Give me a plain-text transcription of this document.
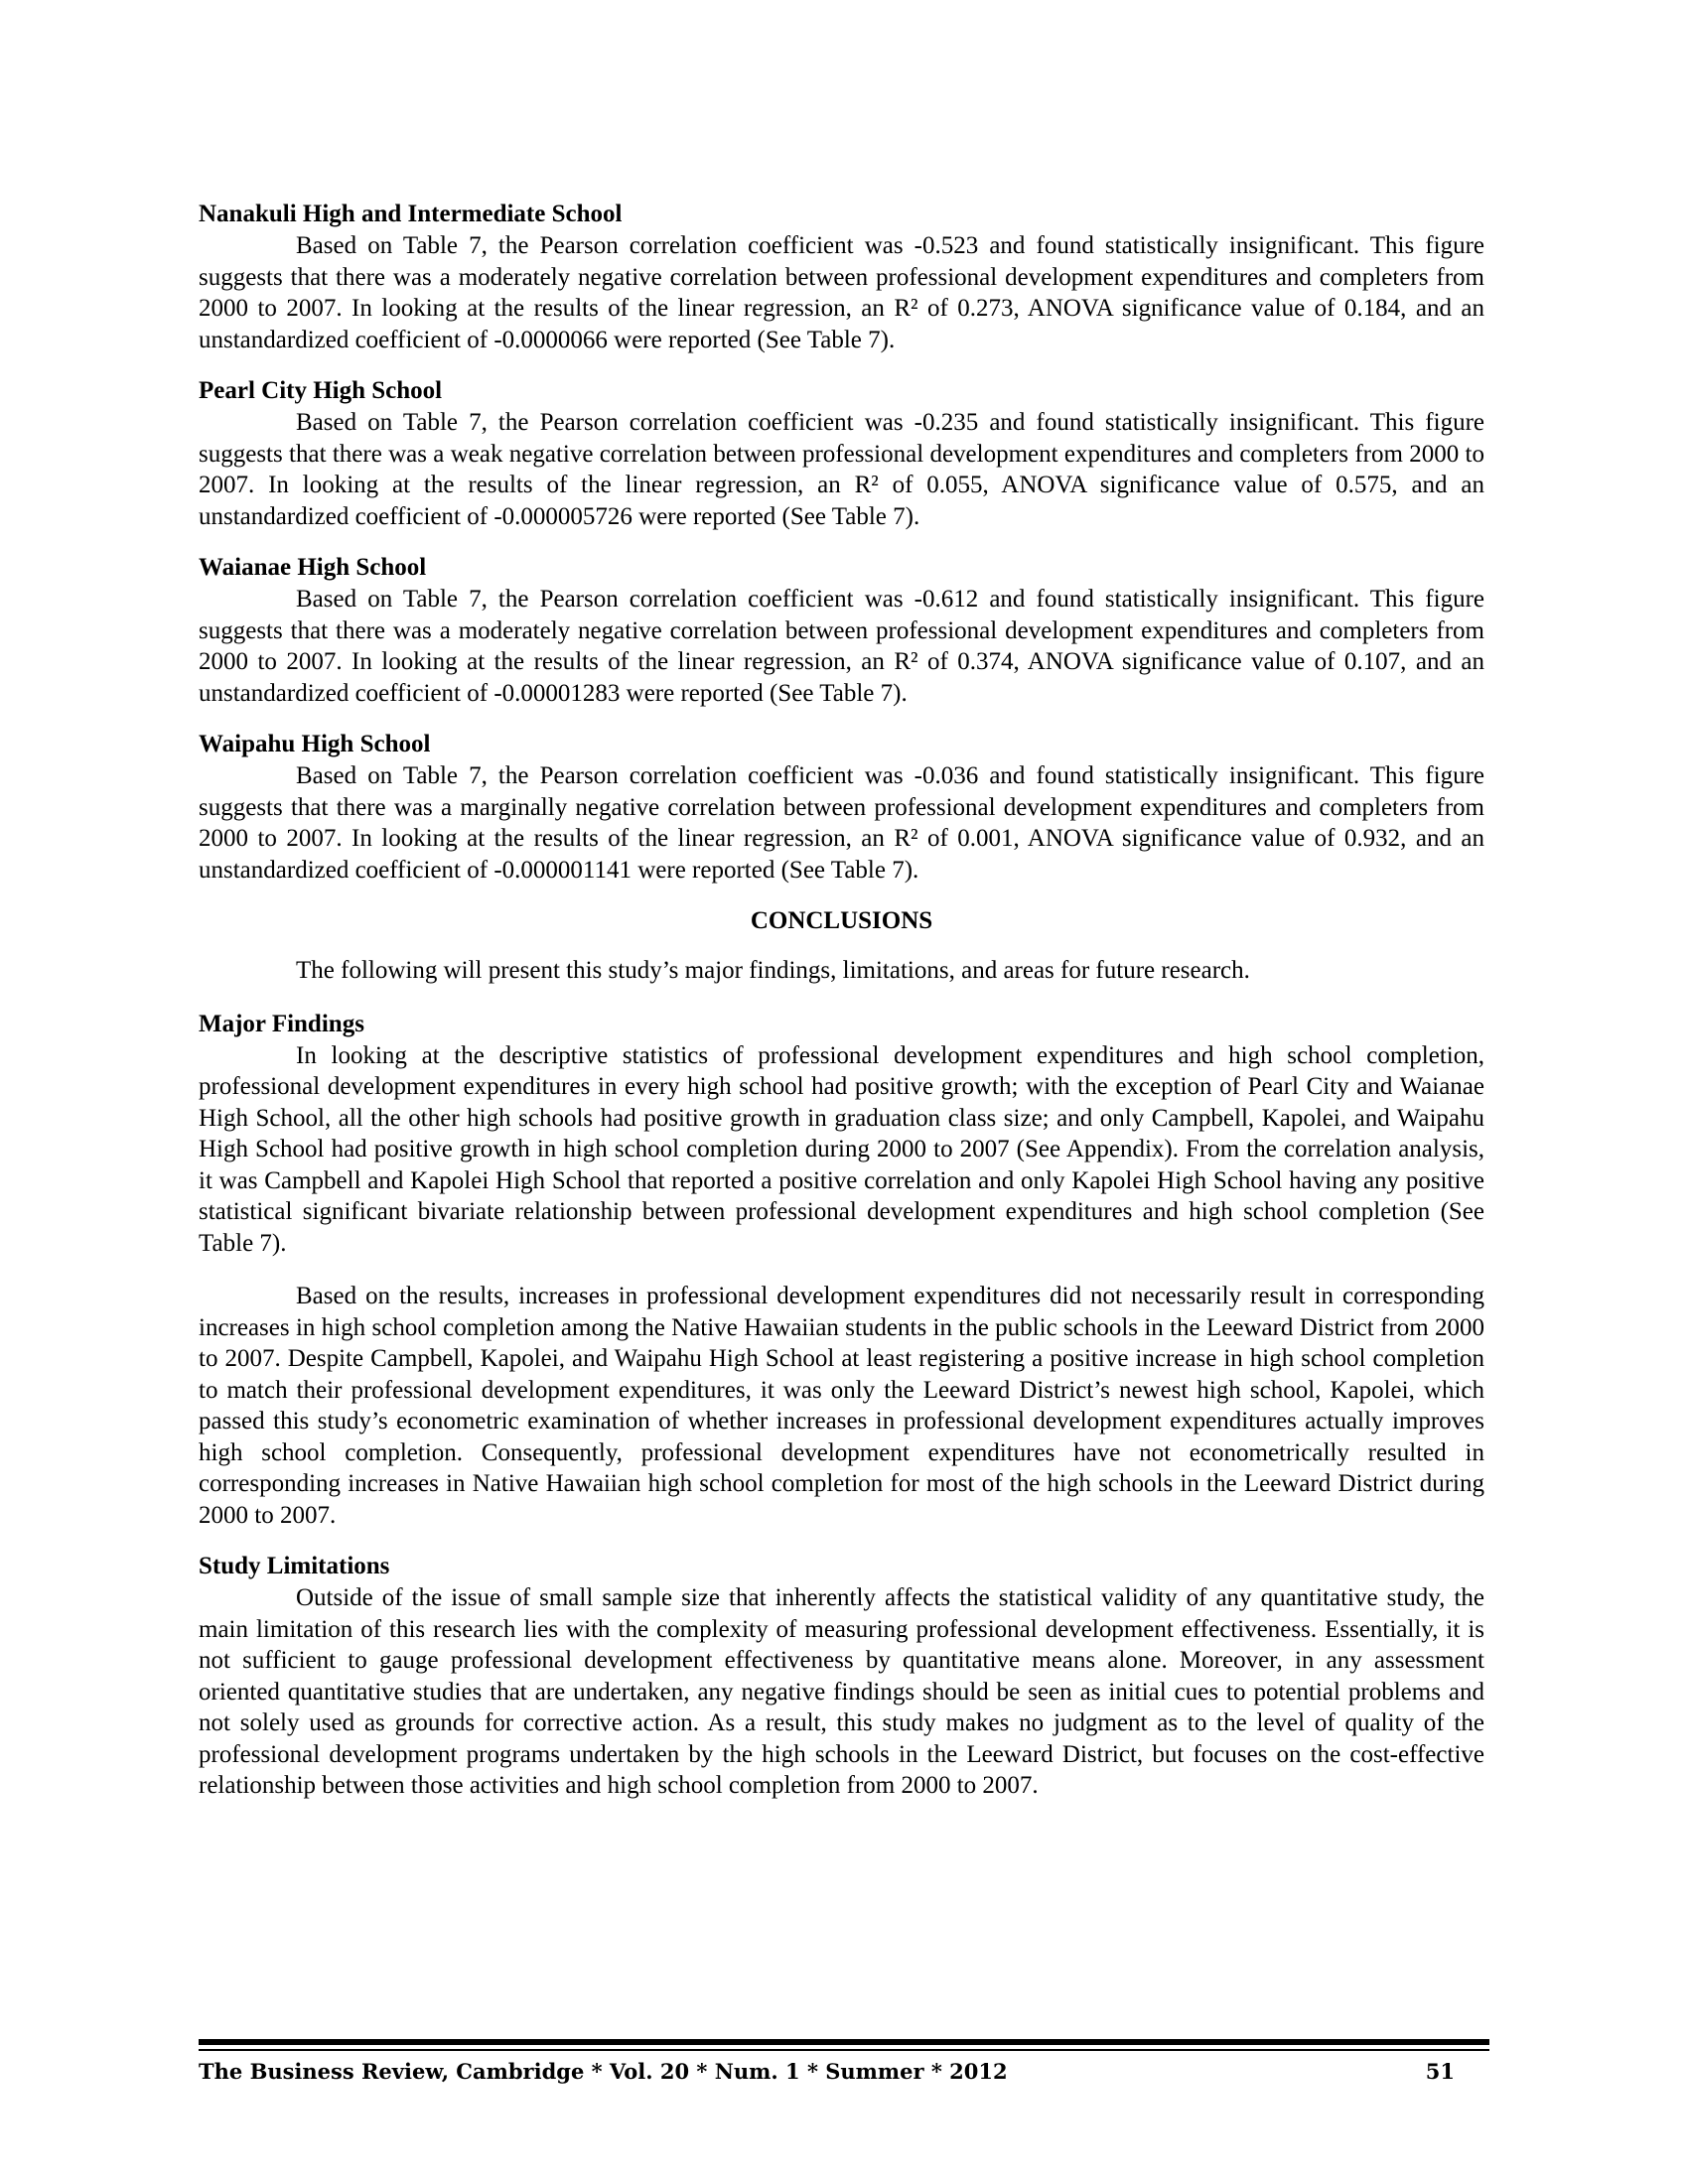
Nanakuli High and Intermediate School

Based on Table 7, the Pearson correlation coefficient was -0.523 and found statistically insignificant. This figure suggests that there was a moderately negative correlation between professional development expenditures and completers from 2000 to 2007. In looking at the results of the linear regression, an R² of 0.273, ANOVA significance value of 0.184, and an unstandardized coefficient of -0.0000066 were reported (See Table 7).

Pearl City High School

Based on Table 7, the Pearson correlation coefficient was -0.235 and found statistically insignificant. This figure suggests that there was a weak negative correlation between professional development expenditures and completers from 2000 to 2007. In looking at the results of the linear regression, an R² of 0.055, ANOVA significance value of 0.575, and an unstandardized coefficient of -0.000005726 were reported (See Table 7).

Waianae High School

Based on Table 7, the Pearson correlation coefficient was -0.612 and found statistically insignificant. This figure suggests that there was a moderately negative correlation between professional development expenditures and completers from 2000 to 2007. In looking at the results of the linear regression, an R² of 0.374, ANOVA significance value of 0.107, and an unstandardized coefficient of -0.00001283 were reported (See Table 7).

Waipahu High School

Based on Table 7, the Pearson correlation coefficient was -0.036 and found statistically insignificant. This figure suggests that there was a marginally negative correlation between professional development expenditures and completers from 2000 to 2007. In looking at the results of the linear regression, an R² of 0.001, ANOVA significance value of 0.932, and an unstandardized coefficient of -0.000001141 were reported (See Table 7).

CONCLUSIONS

The following will present this study’s major findings, limitations, and areas for future research.

Major Findings

In looking at the descriptive statistics of professional development expenditures and high school completion, professional development expenditures in every high school had positive growth; with the exception of Pearl City and Waianae High School, all the other high schools had positive growth in graduation class size; and only Campbell, Kapolei, and Waipahu High School had positive growth in high school completion during 2000 to 2007 (See Appendix). From the correlation analysis, it was Campbell and Kapolei High School that reported a positive correlation and only Kapolei High School having any positive statistical significant bivariate relationship between professional development expenditures and high school completion (See Table 7).

Based on the results, increases in professional development expenditures did not necessarily result in corresponding increases in high school completion among the Native Hawaiian students in the public schools in the Leeward District from 2000 to 2007. Despite Campbell, Kapolei, and Waipahu High School at least registering a positive increase in high school completion to match their professional development expenditures, it was only the Leeward District’s newest high school, Kapolei, which passed this study’s econometric examination of whether increases in professional development expenditures actually improves high school completion. Consequently, professional development expenditures have not econometrically resulted in corresponding increases in Native Hawaiian high school completion for most of the high schools in the Leeward District during 2000 to 2007.

Study Limitations

Outside of the issue of small sample size that inherently affects the statistical validity of any quantitative study, the main limitation of this research lies with the complexity of measuring professional development effectiveness. Essentially, it is not sufficient to gauge professional development effectiveness by quantitative means alone. Moreover, in any assessment oriented quantitative studies that are undertaken, any negative findings should be seen as initial cues to potential problems and not solely used as grounds for corrective action. As a result, this study makes no judgment as to the level of quality of the professional development programs undertaken by the high schools in the Leeward District, but focuses on the cost-effective relationship between those activities and high school completion from 2000 to 2007.

The Business Review, Cambridge * Vol. 20 * Num. 1 * Summer * 2012	51
